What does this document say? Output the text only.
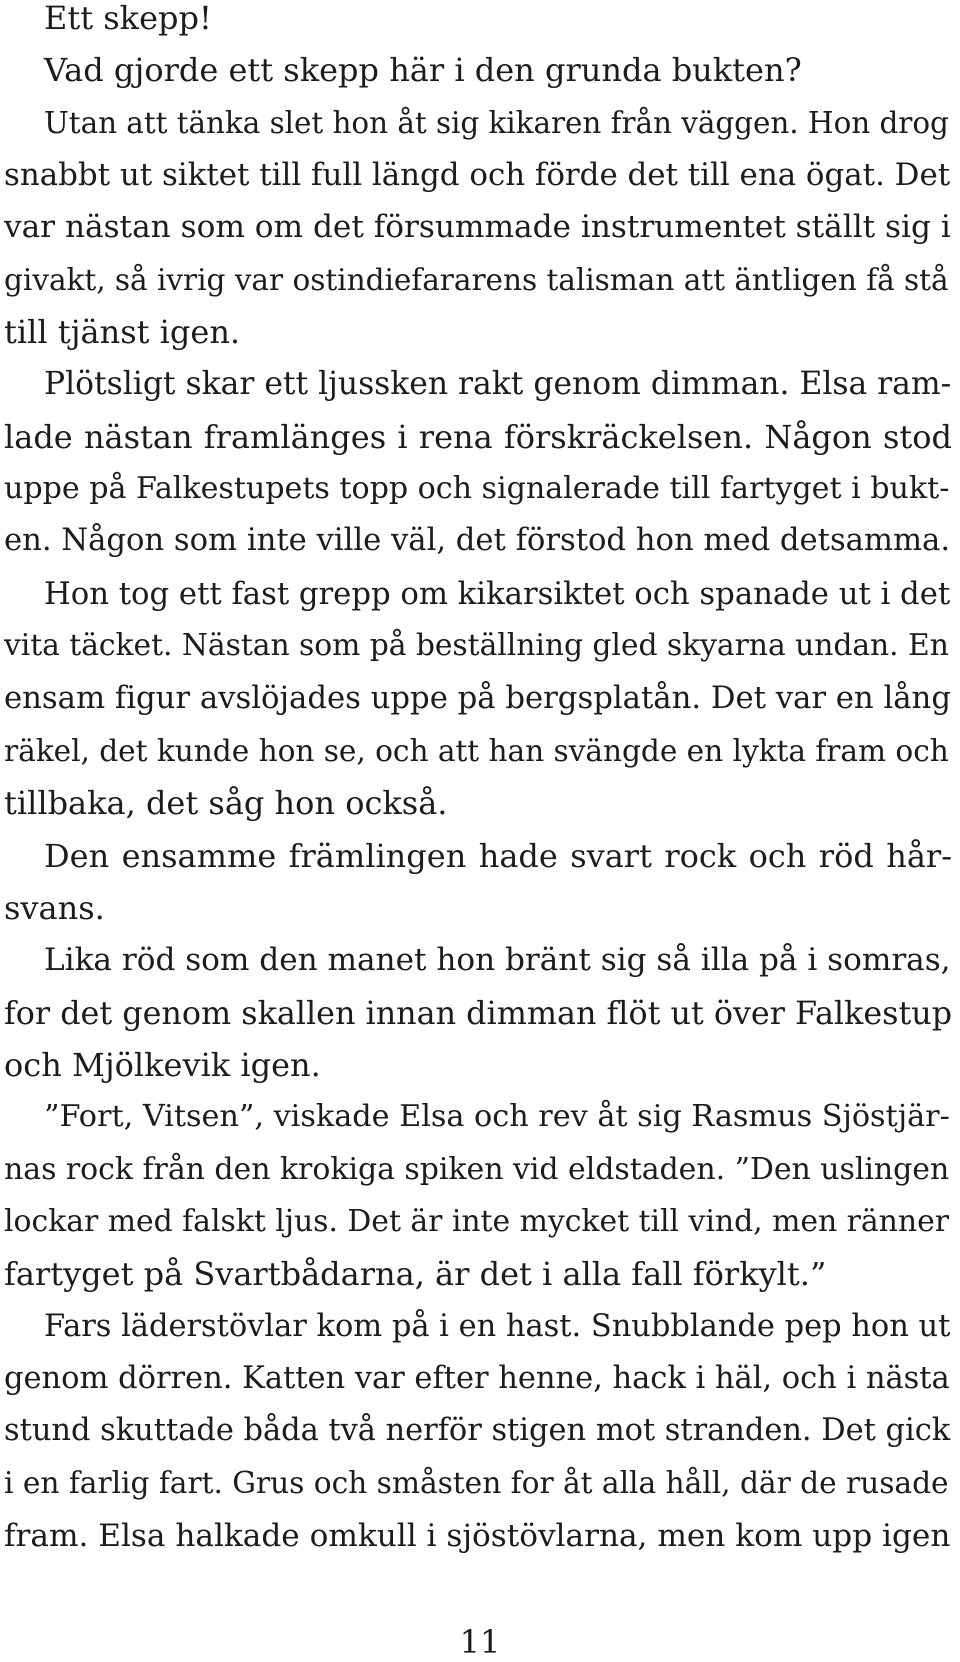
Ett skepp!
Vad gjorde ett skepp här i den grunda bukten?
Utan att tänka slet hon åt sig kikaren från väggen. Hon drog
snabbt ut siktet till full längd och förde det till ena ögat. Det
var nästan som om det försummade instrumentet ställt sig i
givakt, så ivrig var ostindiefararens talisman att äntligen få stå
till tjänst igen.
Plötsligt skar ett ljussken rakt genom dimman. Elsa ram-
lade nästan framlänges i rena förskräckelsen. Någon stod
uppe på Falkestupets topp och signalerade till fartyget i bukt-
en. Någon som inte ville väl, det förstod hon med detsamma.
Hon tog ett fast grepp om kikarsiktet och spanade ut i det
vita täcket. Nästan som på beställning gled skyarna undan. En
ensam figur avslöjades uppe på bergsplatån. Det var en lång
räkel, det kunde hon se, och att han svängde en lykta fram och
tillbaka, det såg hon också.
Den ensamme främlingen hade svart rock och röd hår-
svans.
Lika röd som den manet hon bränt sig så illa på i somras,
for det genom skallen innan dimman flöt ut över Falkestup
och Mjölkevik igen.
”Fort, Vitsen”, viskade Elsa och rev åt sig Rasmus Sjöstjär-
nas rock från den krokiga spiken vid eldstaden. ”Den uslingen
lockar med falskt ljus. Det är inte mycket till vind, men ränner
fartyget på Svartbådarna, är det i alla fall förkylt.”
Fars läderstövlar kom på i en hast. Snubblande pep hon ut
genom dörren. Katten var efter henne, hack i häl, och i nästa
stund skuttade båda två nerför stigen mot stranden. Det gick
i en farlig fart. Grus och småsten for åt alla håll, där de rusade
fram. Elsa halkade omkull i sjöstövlarna, men kom upp igen
11
